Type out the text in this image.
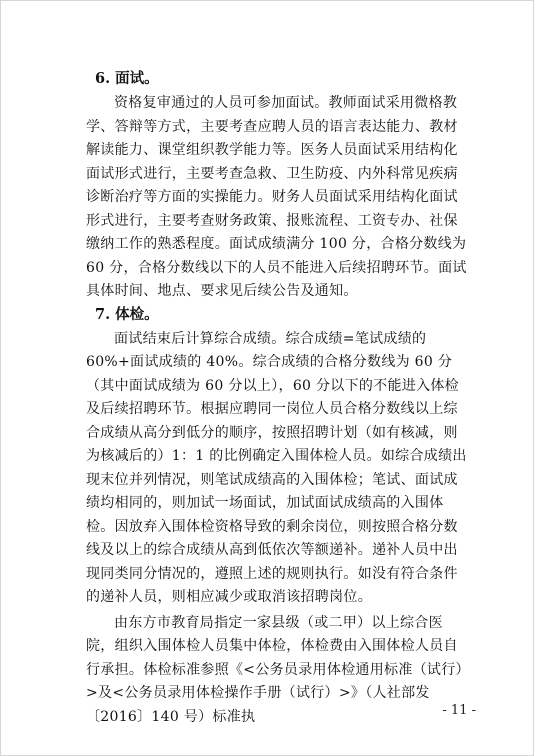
6. 面试。

资格复审通过的人员可参加面试。教师面试采用微格教学、答辩等方式，主要考查应聘人员的语言表达能力、教材解读能力、课堂组织教学能力等。医务人员面试采用结构化面试形式进行，主要考查急救、卫生防疫、内外科常见疾病诊断治疗等方面的实操能力。财务人员面试采用结构化面试形式进行，主要考查财务政策、报账流程、工资专办、社保缴纳工作的熟悉程度。面试成绩满分 100 分，合格分数线为 60 分，合格分数线以下的人员不能进入后续招聘环节。面试具体时间、地点、要求见后续公告及通知。

7. 体检。

面试结束后计算综合成绩。综合成绩=笔试成绩的 60%+面试成绩的 40%。综合成绩的合格分数线为 60 分（其中面试成绩为 60 分以上），60 分以下的不能进入体检及后续招聘环节。根据应聘同一岗位人员合格分数线以上综合成绩从高分到低分的顺序，按照招聘计划（如有核减，则为核减后的）1：1 的比例确定入围体检人员。如综合成绩出现末位并列情况，则笔试成绩高的入围体检；笔试、面试成绩均相同的，则加试一场面试，加试面试成绩高的入围体检。因放弃入围体检资格导致的剩余岗位，则按照合格分数线及以上的综合成绩从高到低依次等额递补。递补人员中出现同类同分情况的，遵照上述的规则执行。如没有符合条件的递补人员，则相应减少或取消该招聘岗位。

由东方市教育局指定一家县级（或二甲）以上综合医院，组织入围体检人员集中体检，体检费由入围体检人员自行承担。体检标准参照《<公务员录用体检通用标准（试行）>及<公务员录用体检操作手册（试行）>》（人社部发〔2016〕140 号）标准执	- 11 -
